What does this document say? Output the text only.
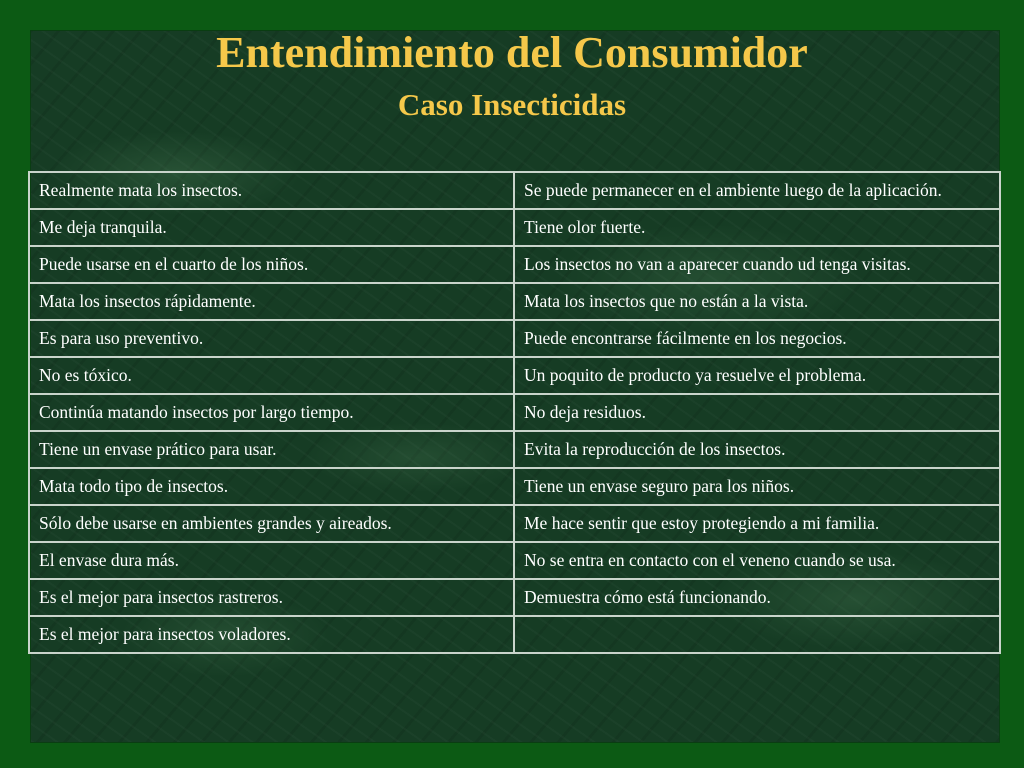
Entendimiento del Consumidor
Caso Insecticidas
Realmente mata los insectos.	Se puede permanecer en el ambiente luego de la aplicación.
Me deja tranquila.	Tiene olor fuerte.
Puede usarse en el cuarto de los niños.	Los insectos no van a aparecer cuando ud tenga visitas.
Mata los insectos rápidamente.	Mata los insectos que no están a la vista.
Es para uso preventivo.	Puede encontrarse fácilmente en los negocios.
No es tóxico.	Un poquito de producto ya resuelve el problema.
Continúa matando insectos por largo tiempo.	No deja residuos.
Tiene un envase prático para usar.	Evita la reproducción de los insectos.
Mata todo tipo de insectos.	Tiene un envase seguro para los niños.
Sólo debe usarse en ambientes grandes y aireados.	Me hace sentir que estoy protegiendo a mi familia.
El envase dura más.	No se entra en contacto con el veneno cuando se usa.
Es el mejor para insectos rastreros.	Demuestra cómo está funcionando.
Es el mejor para insectos voladores.	
